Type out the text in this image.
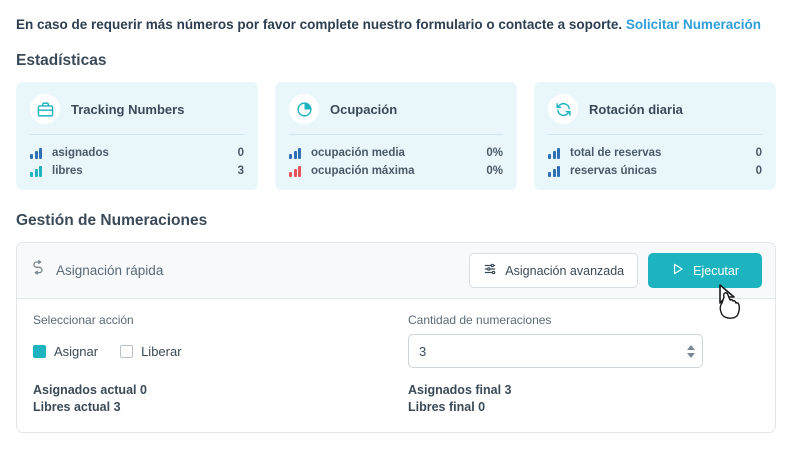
En caso de requerir más números por favor complete nuestro formulario o contacte a soporte. Solicitar Numeración

Estadísticas
Tracking Numbers
asignados	0
libres	3
Ocupación
ocupación media	0%
ocupación máxima	0%
Rotación diaria
total de reservas	0
reservas únicas	0
Gestión de Numeraciones
Asignación rápida	Asignación avanzada	Ejecutar
Seleccionar acción
Asignar	Liberar
Cantidad de numeraciones
3
Asignados actual 0
Libres actual 3
Asignados final 3
Libres final 0
